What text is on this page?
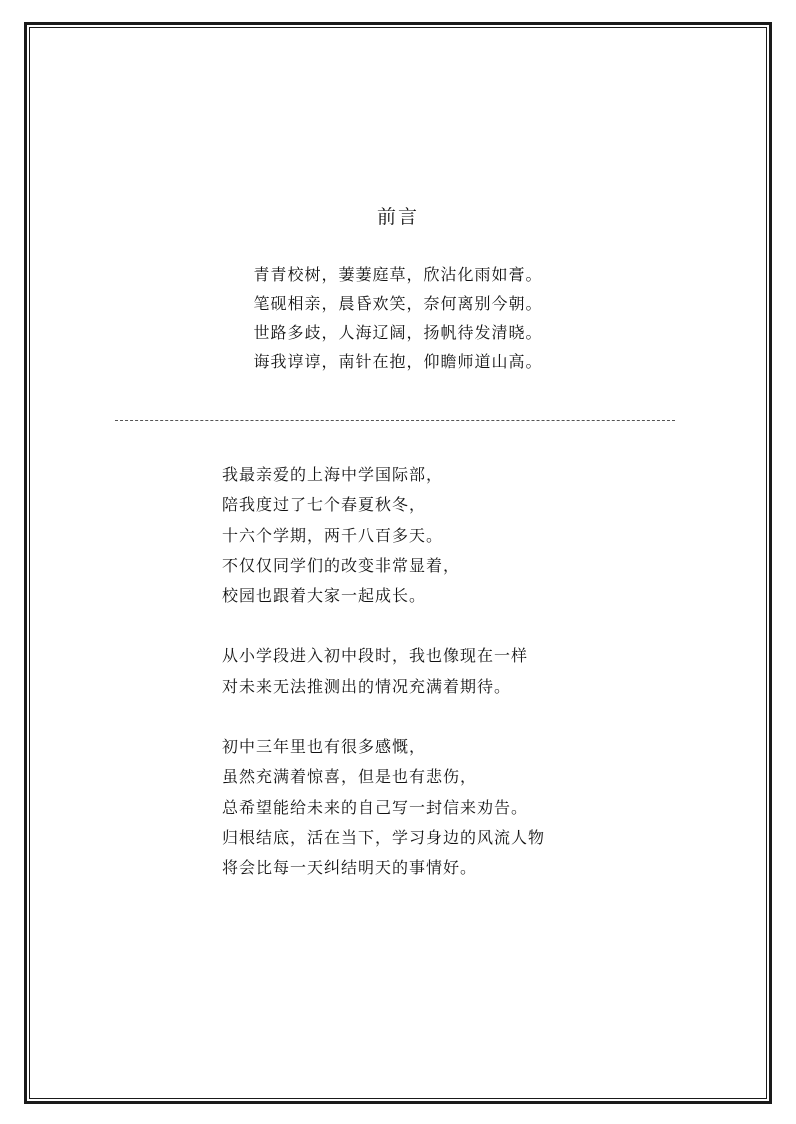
前言
青青校树，萋萋庭草，欣沾化雨如膏。
笔砚相亲，晨昏欢笑，奈何离别今朝。
世路多歧，人海辽阔，扬帆待发清晓。
诲我谆谆，南针在抱，仰瞻师道山高。
我最亲爱的上海中学国际部，
陪我度过了七个春夏秋冬，
十六个学期，两千八百多天。
不仅仅同学们的改变非常显着，
校园也跟着大家一起成长。
从小学段进入初中段时，我也像现在一样
对未来无法推测出的情况充满着期待。
初中三年里也有很多感慨，
虽然充满着惊喜，但是也有悲伤，
总希望能给未来的自己写一封信来劝告。
归根结底，活在当下，学习身边的风流人物
将会比每一天纠结明天的事情好。
